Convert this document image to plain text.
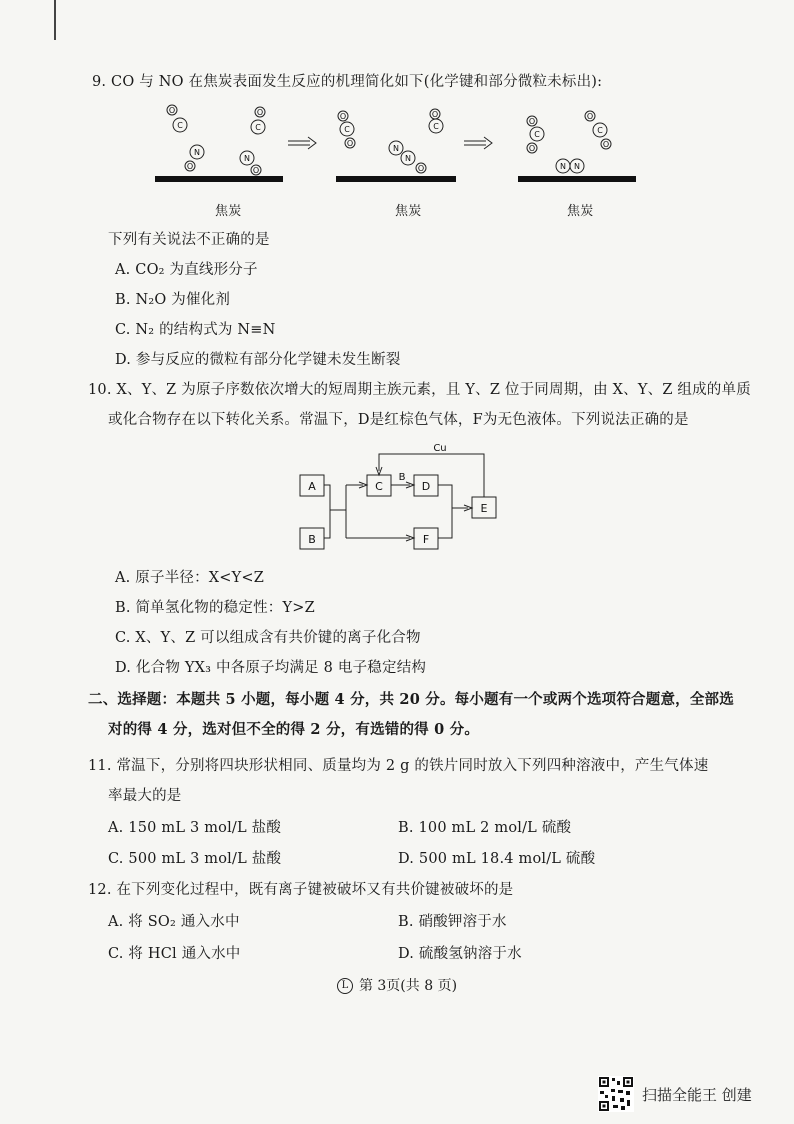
9. CO 与 NO 在焦炭表面发生反应的机理简化如下(化学键和部分微粒未标出):
O
C
O
C
N
O
N
O
O
C
O
O
C
N
N
O
O
C
O
O
C
O
N N
焦炭	焦炭	焦炭
下列有关说法不正确的是
A. CO₂ 为直线形分子
B. N₂O 为催化剂
C. N₂ 的结构式为 N≡N
D. 参与反应的微粒有部分化学键未发生断裂
10. X、Y、Z 为原子序数依次增大的短周期主族元素，且 Y、Z 位于同周期，由 X、Y、Z 组成的单质
或化合物存在以下转化关系。常温下，D是红棕色气体，F为无色液体。下列说法正确的是
A
B
C	D
E
F
B
Cu
A. 原子半径：X<Y<Z
B. 简单氢化物的稳定性：Y>Z
C. X、Y、Z 可以组成含有共价键的离子化合物
D. 化合物 YX₃ 中各原子均满足 8 电子稳定结构
二、选择题：本题共 5 小题，每小题 4 分，共 20 分。每小题有一个或两个选项符合题意，全部选
对的得 4 分，选对但不全的得 2 分，有选错的得 0 分。
11. 常温下，分别将四块形状相同、质量均为 2 g 的铁片同时放入下列四种溶液中，产生气体速
率最大的是
A. 150 mL 3 mol/L 盐酸	B. 100 mL 2 mol/L 硫酸
C. 500 mL 3 mol/L 盐酸	D. 500 mL 18.4 mol/L 硫酸
12. 在下列变化过程中，既有离子键被破坏又有共价键被破坏的是
A. 将 SO₂ 通入水中	B. 硝酸钾溶于水
C. 将 HCl 通入水中	D. 硫酸氢钠溶于水
L 第 3页(共 8 页)
扫描全能王 创建
